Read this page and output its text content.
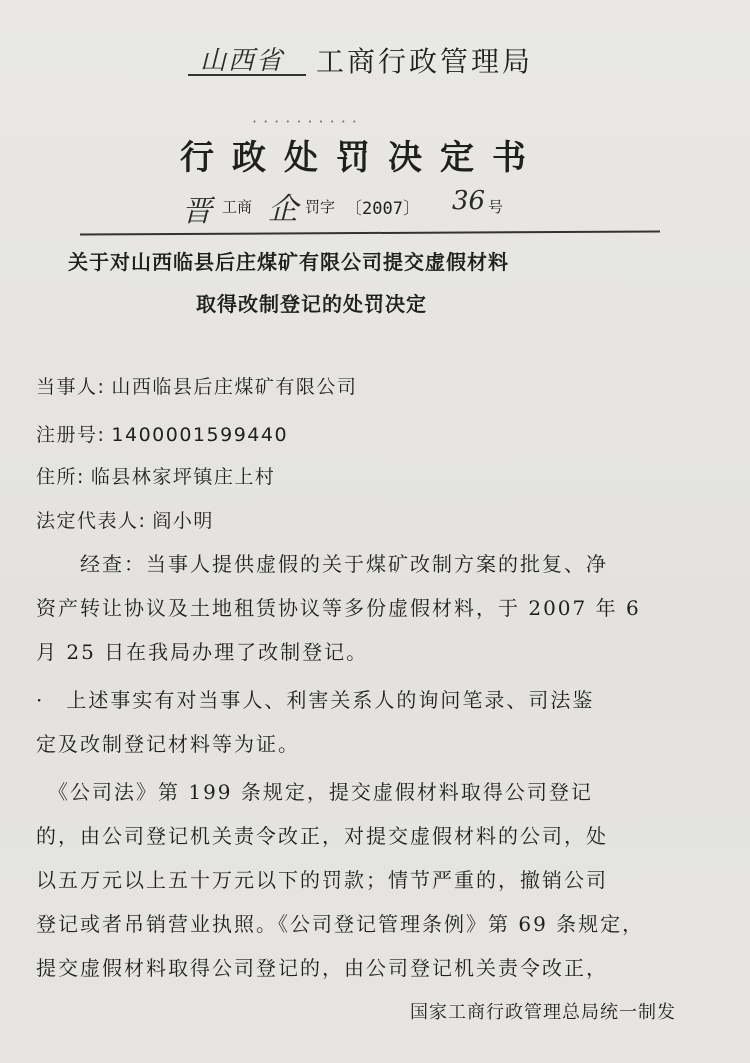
山西省 工商行政管理局
··········
行政处罚决定书
晋 工商 企 罚字 〔2007〕 36 号
关于对山西临县后庄煤矿有限公司提交虚假材料
取得改制登记的处罚决定
当事人: 山西临县后庄煤矿有限公司
注册号: 1400001599440
住所: 临县林家坪镇庄上村
法定代表人: 阎小明
　　经查：当事人提供虚假的关于煤矿改制方案的批复、净
资产转让协议及土地租赁协议等多份虚假材料，于 2007 年 6
月 25 日在我局办理了改制登记。
·　上述事实有对当事人、利害关系人的询问笔录、司法鉴
定及改制登记材料等为证。
　《公司法》第 199 条规定，提交虚假材料取得公司登记
的，由公司登记机关责令改正，对提交虚假材料的公司，处
以五万元以上五十万元以下的罚款；情节严重的，撤销公司
登记或者吊销营业执照。《公司登记管理条例》第 69 条规定，
提交虚假材料取得公司登记的，由公司登记机关责令改正，
国家工商行政管理总局统一制发
